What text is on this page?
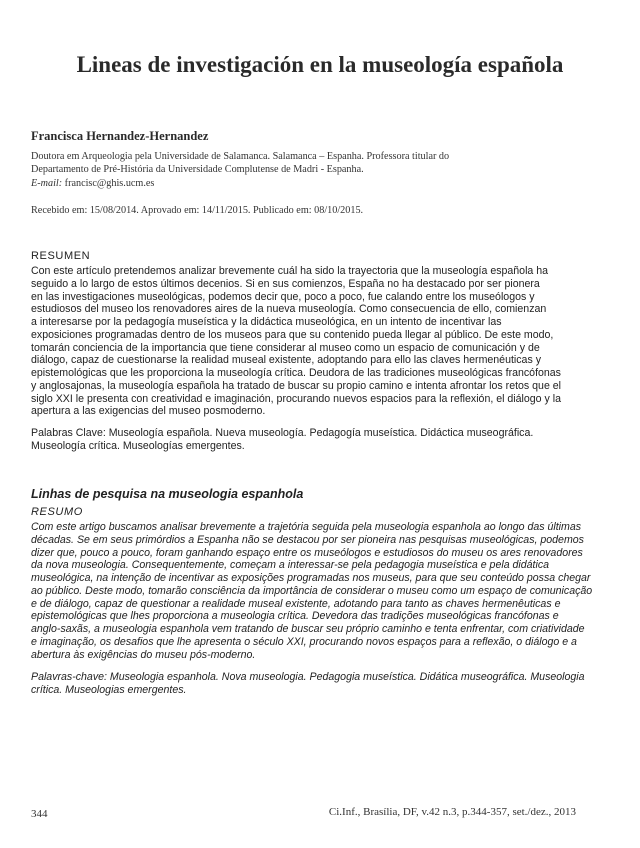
Lineas de investigación en la museología española
Francisca Hernandez-Hernandez
Doutora em Arqueologia pela Universidade de Salamanca. Salamanca – Espanha. Professora titular do
Departamento de Pré-História da Universidade Complutense de Madri - Espanha.
E-mail: francisc@ghis.ucm.es
Recebido em: 15/08/2014. Aprovado em: 14/11/2015. Publicado em: 08/10/2015.
RESUMEN
Con este artículo pretendemos analizar brevemente cuál ha sido la trayectoria que la museología española ha
seguido a lo largo de estos últimos decenios. Si en sus comienzos, España no ha destacado por ser pionera
en las investigaciones museológicas, podemos decir que, poco a poco, fue calando entre los museólogos y
estudiosos del museo los renovadores aires de la nueva museología. Como consecuencia de ello, comienzan
a interesarse por la pedagogía museística y la didáctica museológica, en un intento de incentivar las
exposiciones programadas dentro de los museos para que su contenido pueda llegar al público. De este modo,
tomarán conciencia de la importancia que tiene considerar al museo como un espacio de comunicación y de
diálogo, capaz de cuestionarse la realidad museal existente, adoptando para ello las claves hermenéuticas y
epistemológicas que les proporciona la museología crítica. Deudora de las tradiciones museológicas francófonas
y anglosajonas, la museología española ha tratado de buscar su propio camino e intenta afrontar los retos que el
siglo XXI le presenta con creatividad e imaginación, procurando nuevos espacios para la reflexión, el diálogo y la
apertura a las exigencias del museo posmoderno.
Palabras Clave: Museología española. Nueva museología. Pedagogía museística. Didáctica museográfica.
Museología crítica. Museologías emergentes.
Linhas de pesquisa na museologia espanhola
RESUMO
Com este artigo buscamos analisar brevemente a trajetória seguida pela museologia espanhola ao longo das últimas
décadas. Se em seus primórdios a Espanha não se destacou por ser pioneira nas pesquisas museológicas, podemos
dizer que, pouco a pouco, foram ganhando espaço entre os museólogos e estudiosos do museu os ares renovadores
da nova museologia. Consequentemente, começam a interessar-se pela pedagogia museística e pela didática
museológica, na intenção de incentivar as exposições programadas nos museus, para que seu conteúdo possa chegar
ao público. Deste modo, tomarão consciência da importância de considerar o museu como um espaço de comunicação
e de diálogo, capaz de questionar a realidade museal existente, adotando para tanto as chaves hermenêuticas e
epistemológicas que lhes proporciona a museologia crítica. Devedora das tradições museológicas francófonas e
anglo-saxãs, a museologia espanhola vem tratando de buscar seu próprio caminho e tenta enfrentar, com criatividade
e imaginação, os desafios que lhe apresenta o século XXI, procurando novos espaços para a reflexão, o diálogo e a
abertura às exigências do museu pós-moderno.
Palavras-chave: Museologia espanhola. Nova museologia. Pedagogia museística. Didática museográfica. Museologia
crítica. Museologias emergentes.
344	Ci.Inf., Brasília, DF, v.42 n.3, p.344-357, set./dez., 2013
